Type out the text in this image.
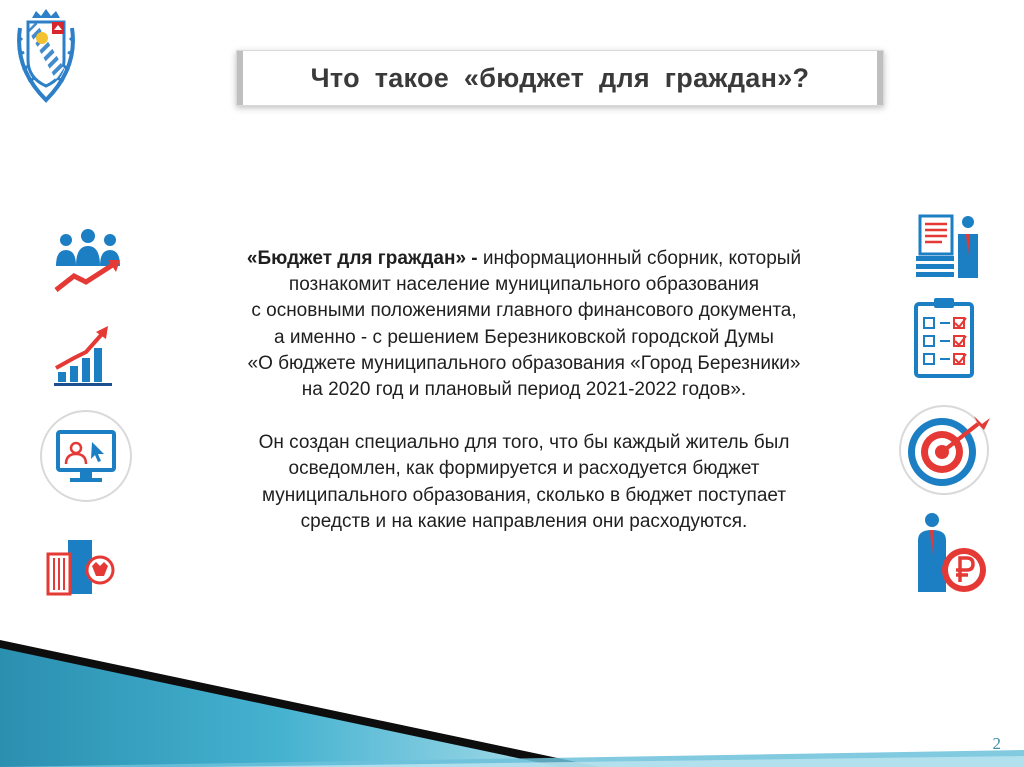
Что такое «бюджет для граждан»?

«Бюджет для граждан» - информационный сборник, который

познакомит население муниципального образования

с основными положениями главного финансового документа,

а именно - с решением Березниковской городской Думы

«О бюджете муниципального образования «Город Березники»

на 2020 год и плановый период 2021-2022 годов».

Он создан специально для того, что бы каждый житель был

осведомлен, как формируется и расходуется бюджет

муниципального образования, сколько в бюджет поступает

средств и на какие направления они расходуются.

2
